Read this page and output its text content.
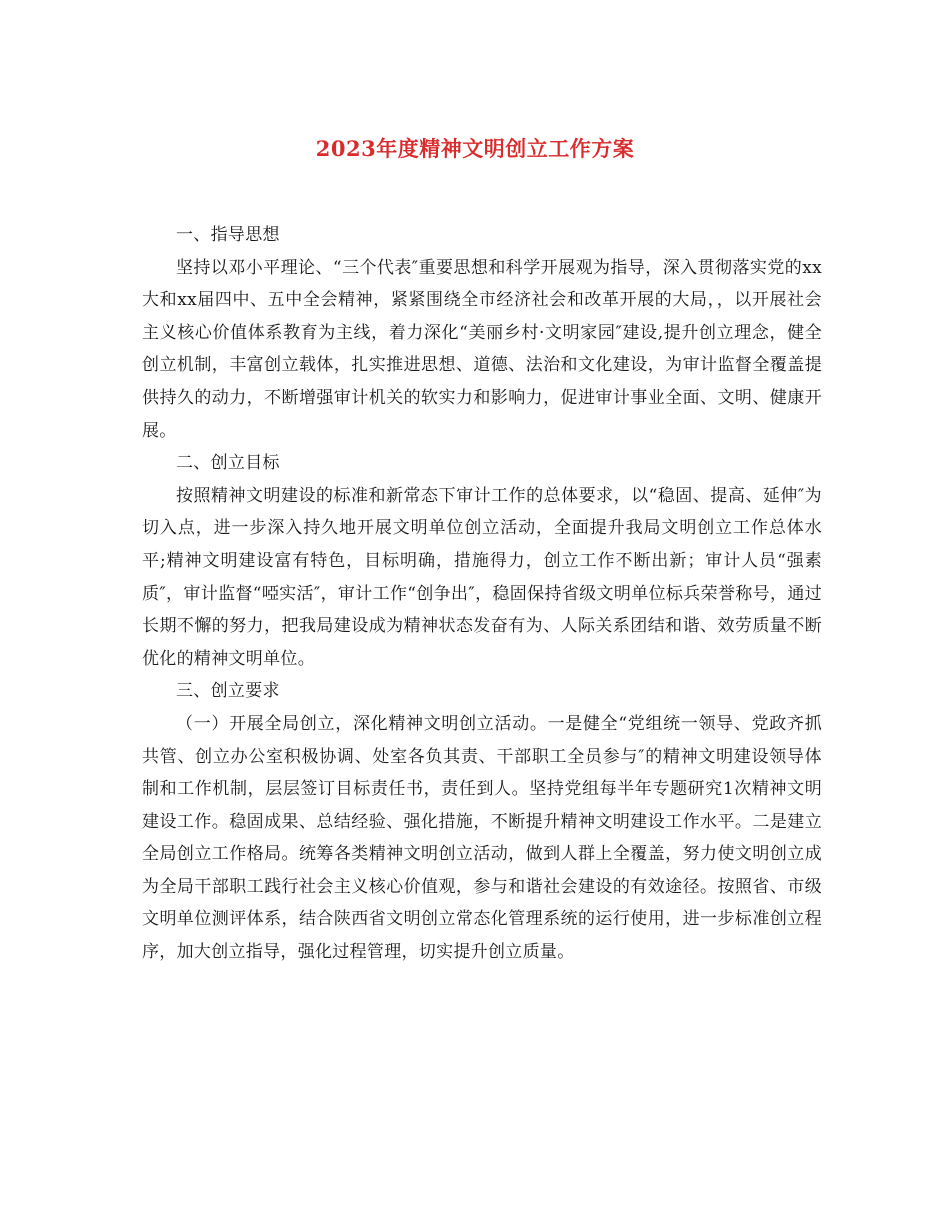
2023年度精神文明创立工作方案

一、指导思想

坚持以邓小平理论、“三个代表″重要思想和科学开展观为指导，深入贯彻落实党的xx大和xx届四中、五中全会精神，紧紧围绕全市经济社会和改革开展的大局，，以开展社会主义核心价值体系教育为主线，着力深化“美丽乡村·文明家园″建设,提升创立理念，健全创立机制，丰富创立载体，扎实推进思想、道德、法治和文化建设，为审计监督全覆盖提供持久的动力，不断增强审计机关的软实力和影响力，促进审计事业全面、文明、健康开展。

二、创立目标

按照精神文明建设的标准和新常态下审计工作的总体要求，以“稳固、提高、延伸″为切入点，进一步深入持久地开展文明单位创立活动，全面提升我局文明创立工作总体水平;精神文明建设富有特色，目标明确，措施得力，创立工作不断出新；审计人员“强素质″，审计监督“啞实活″，审计工作“创争出″，稳固保持省级文明单位标兵荣誉称号，通过长期不懈的努力，把我局建设成为精神状态发奋有为、人际关系团结和谐、效劳质量不断优化的精神文明单位。

三、创立要求

（一）开展全局创立，深化精神文明创立活动。一是健全“党组统一领导、党政齐抓共管、创立办公室积极协调、处室各负其责、干部职工全员参与″的精神文明建设领导体制和工作机制，层层签订目标责任书，责任到人。坚持党组每半年专题研究1次精神文明建设工作。稳固成果、总结经验、强化措施，不断提升精神文明建设工作水平。二是建立全局创立工作格局。统筹各类精神文明创立活动，做到人群上全覆盖，努力使文明创立成为全局干部职工践行社会主义核心价值观，参与和谐社会建设的有效途径。按照省、市级文明单位测评体系，结合陕西省文明创立常态化管理系统的运行使用，进一步标准创立程序，加大创立指导，强化过程管理，切实提升创立质量。
